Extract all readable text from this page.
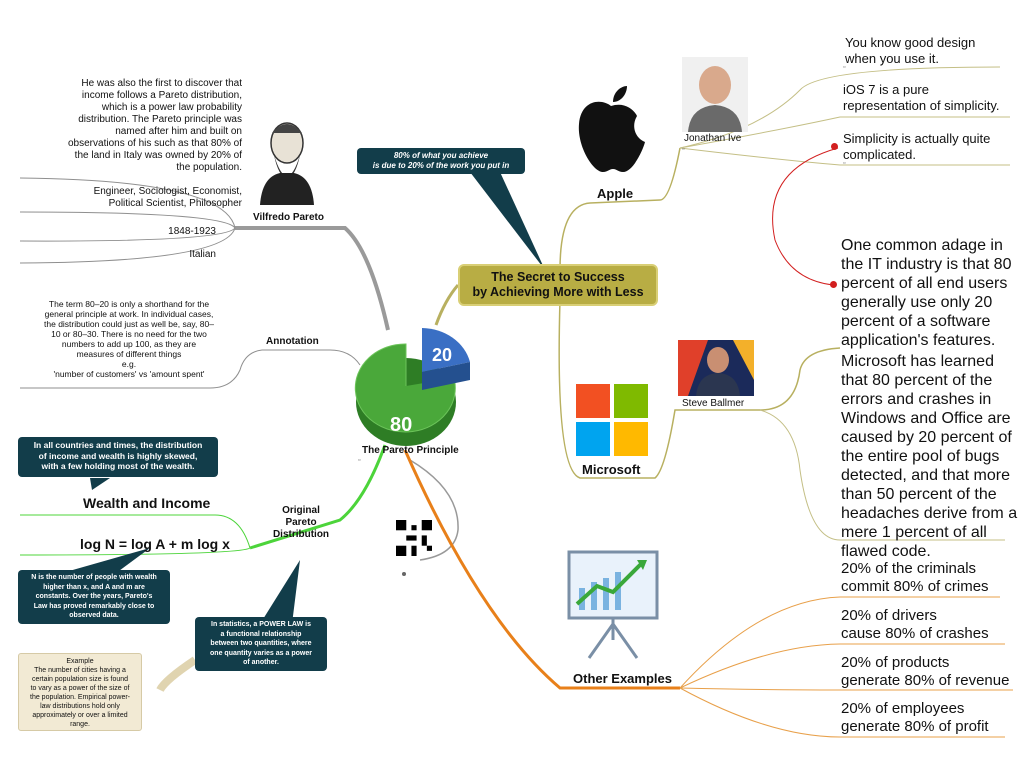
The Secret to Success
by Achieving More with Less
80% of what you achieve
is due to 20% of the work you put in
80
20
The Pareto Principle
He was also the first to discover that
income follows a Pareto distribution,
which is a power law probability
distribution. The Pareto principle was
named after him and built on
observations of his such as that 80% of
the land in Italy was owned by 20% of
the population.
Engineer, Sociologist, Economist,
Political Scientist, Philosopher
1848-1923
Italian
Vilfredo Pareto
Annotation
The term 80–20 is only a shorthand for the
general principle at work. In individual cases,
the distribution could just as well be, say, 80–
10 or 80–30. There is no need for the two
numbers to add up 100, as they are
measures of different things
e.g.
'number of customers' vs 'amount spent'
Original
Pareto
Distribution
In all countries and times, the distribution
of income and wealth is highly skewed,
with a few holding most of the wealth.
Wealth and Income
log N = log A + m log x
N is the number of people with wealth
higher than x, and A and m are
constants. Over the years, Pareto's
Law has proved remarkably close to
observed data.
In statistics, a POWER LAW is
a functional relationship
between two quantities, where
one quantity varies as a power
of another.
Example
The number of cities having a
certain population size is found
to vary as a power of the size of
the population. Empirical power-
law distributions hold only
approximately or over a limited
range.
Apple
Jonathan Ive
You know good design
when you use it.
iOS 7 is a pure
representation of simplicity.
Simplicity is actually quite
complicated.
One common adage in
the IT industry is that 80
percent of all end users
generally use only 20
percent of a software
application's features.
Microsoft
Steve Ballmer
Microsoft has learned
that 80 percent of the
errors and crashes in
Windows and Office are
caused by 20 percent of
the entire pool of bugs
detected, and that more
than 50 percent of the
headaches derive from a
mere 1 percent of all
flawed code.
Other Examples
20% of the criminals
commit 80% of crimes
20% of drivers
cause 80% of crashes
20% of products
generate 80% of revenue
20% of employees
generate 80% of profit
▫
▫
▫
▫
